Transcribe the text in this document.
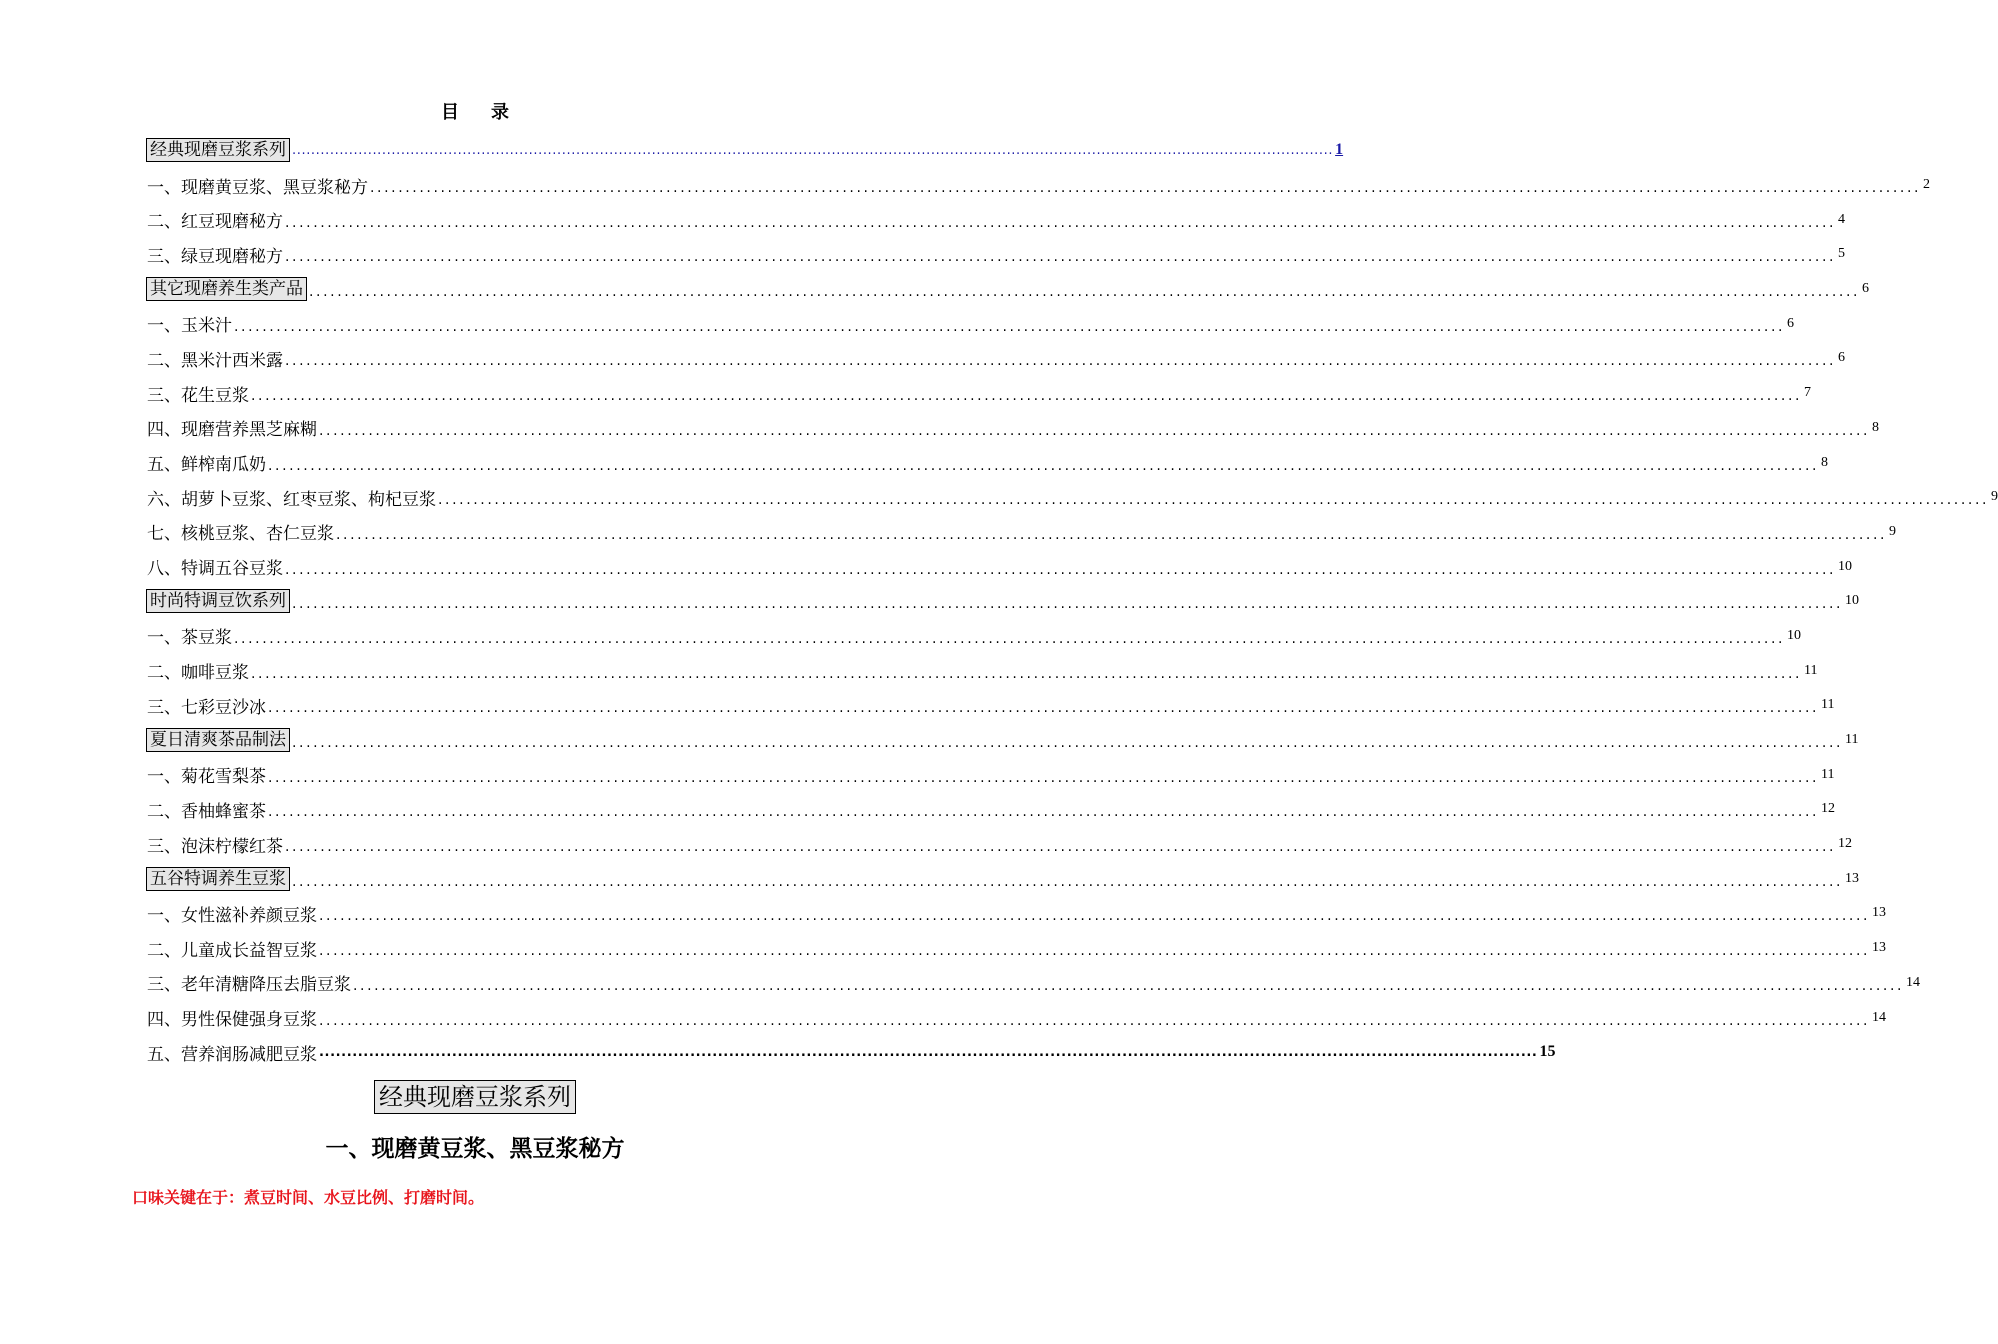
目录
经典现磨豆浆系列 ............................................................................................................................................................................................................................ 1
一、现磨黄豆浆、黑豆浆秘方 ............................................................................................................................................................................................................................ 2
二、红豆现磨秘方 ............................................................................................................................................................................................................................ 4
三、绿豆现磨秘方 ............................................................................................................................................................................................................................ 5
其它现磨养生类产品 ............................................................................................................................................................................................................................ 6
一、玉米汁 ............................................................................................................................................................................................................................ 6
二、黑米汁西米露 ............................................................................................................................................................................................................................ 6
三、花生豆浆 ............................................................................................................................................................................................................................ 7
四、现磨营养黑芝麻糊 ............................................................................................................................................................................................................................ 8
五、鲜榨南瓜奶 ............................................................................................................................................................................................................................ 8
六、胡萝卜豆浆、红枣豆浆、枸杞豆浆 ............................................................................................................................................................................................................................ 9
七、核桃豆浆、杏仁豆浆 ............................................................................................................................................................................................................................ 9
八、特调五谷豆浆 ............................................................................................................................................................................................................................ 10
时尚特调豆饮系列 ............................................................................................................................................................................................................................ 10
一、茶豆浆 ............................................................................................................................................................................................................................ 10
二、咖啡豆浆 ............................................................................................................................................................................................................................ 11
三、七彩豆沙冰 ............................................................................................................................................................................................................................ 11
夏日清爽茶品制法 ............................................................................................................................................................................................................................ 11
一、菊花雪梨茶 ............................................................................................................................................................................................................................ 11
二、香柚蜂蜜茶 ............................................................................................................................................................................................................................ 12
三、泡沫柠檬红茶 ............................................................................................................................................................................................................................ 12
五谷特调养生豆浆 ............................................................................................................................................................................................................................ 13
一、女性滋补养颜豆浆 ............................................................................................................................................................................................................................ 13
二、儿童成长益智豆浆 ............................................................................................................................................................................................................................ 13
三、老年清糖降压去脂豆浆 ............................................................................................................................................................................................................................ 14
四、男性保健强身豆浆 ............................................................................................................................................................................................................................ 14
五、营养润肠减肥豆浆 ............................................................................................................................................................................................................................ 15
经典现磨豆浆系列
一、现磨黄豆浆、黑豆浆秘方
口味关键在于：煮豆时间、水豆比例、打磨时间。
